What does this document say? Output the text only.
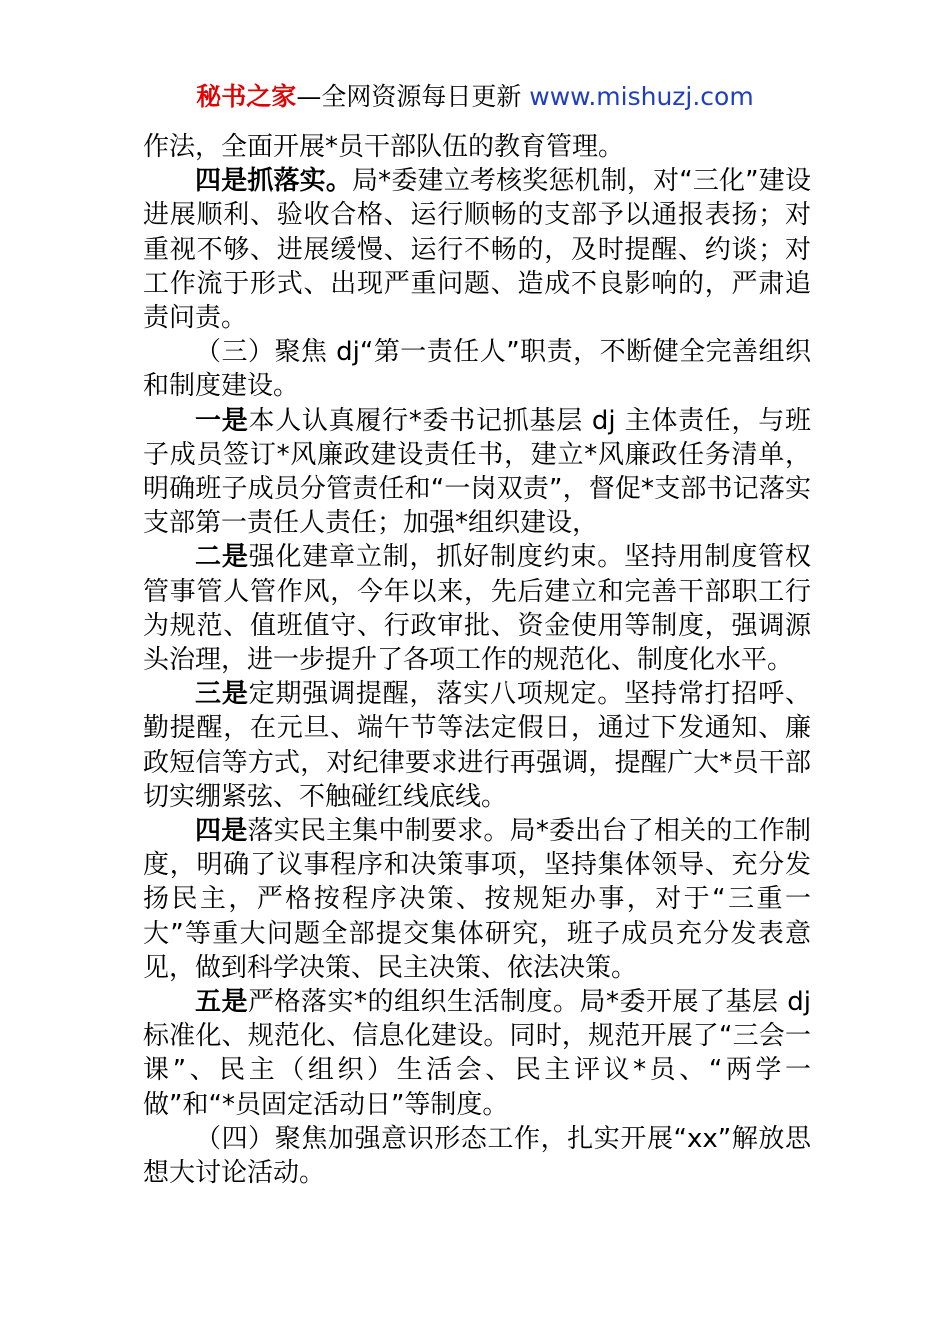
秘书之家—全网资源每日更新 www.mishuzj.com

作法，全面开展*员干部队伍的教育管理。

四是抓落实。局*委建立考核奖惩机制，对“三化”建设进展顺利、验收合格、运行顺畅的支部予以通报表扬；对重视不够、进展缓慢、运行不畅的，及时提醒、约谈；对工作流于形式、出现严重问题、造成不良影响的，严肃追责问责。

（三）聚焦 dj“第一责任人”职责，不断健全完善组织和制度建设。

一是本人认真履行*委书记抓基层 dj 主体责任，与班子成员签订*风廉政建设责任书，建立*风廉政任务清单，明确班子成员分管责任和“一岗双责”，督促*支部书记落实支部第一责任人责任；加强*组织建设，

二是强化建章立制，抓好制度约束。坚持用制度管权管事管人管作风，今年以来，先后建立和完善干部职工行为规范、值班值守、行政审批、资金使用等制度，强调源头治理，进一步提升了各项工作的规范化、制度化水平。

三是定期强调提醒，落实八项规定。坚持常打招呼、勤提醒，在元旦、端午节等法定假日，通过下发通知、廉政短信等方式，对纪律要求进行再强调，提醒广大*员干部切实绷紧弦、不触碰红线底线。

四是落实民主集中制要求。局*委出台了相关的工作制度，明确了议事程序和决策事项，坚持集体领导、充分发扬民主，严格按程序决策、按规矩办事，对于“三重一大”等重大问题全部提交集体研究，班子成员充分发表意见，做到科学决策、民主决策、依法决策。

五是严格落实*的组织生活制度。局*委开展了基层 dj 标准化、规范化、信息化建设。同时，规范开展了“三会一课”、民主（组织）生活会、民主评议*员、“两学一做”和“*员固定活动日”等制度。

（四）聚焦加强意识形态工作，扎实开展“xx”解放思想大讨论活动。
